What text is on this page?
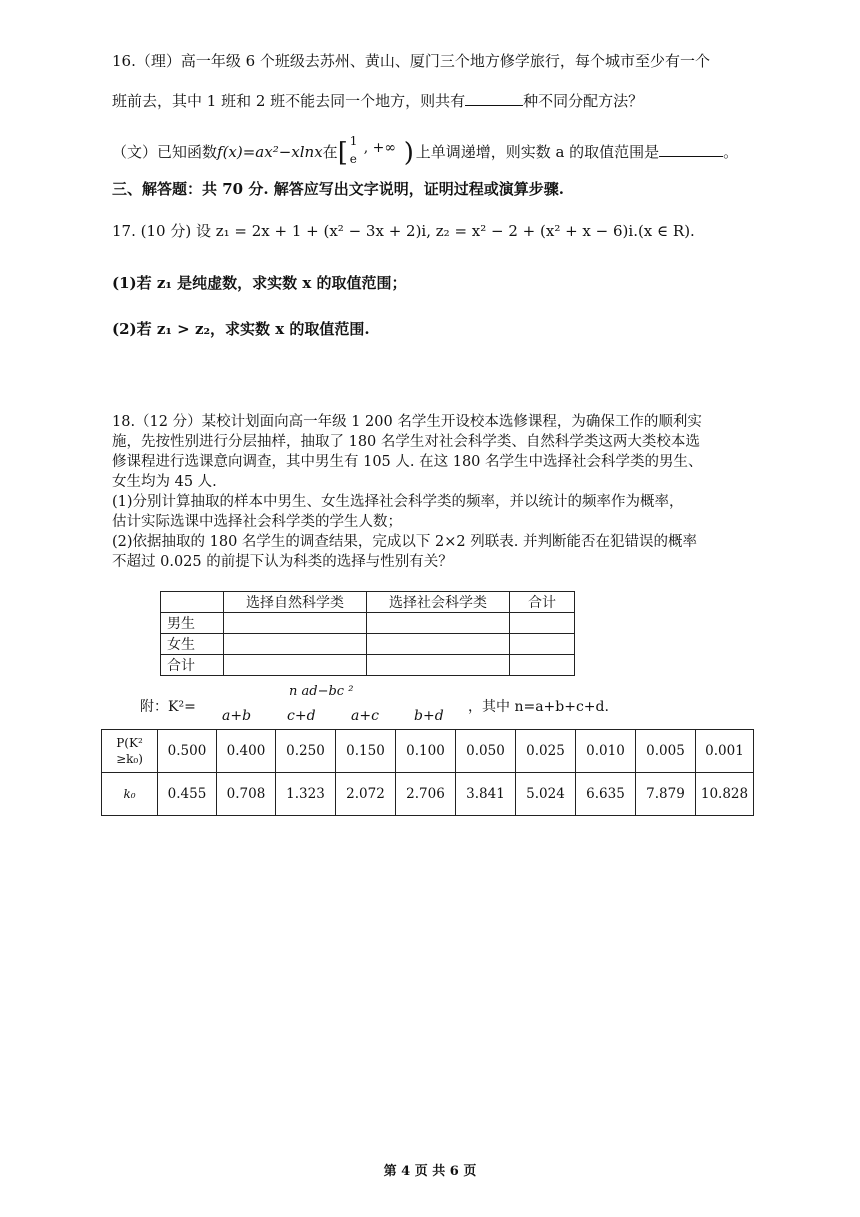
16.（理）高一年级 6 个班级去苏州、黄山、厦门三个地方修学旅行，每个城市至少有一个
班前去，其中 1 班和 2 班不能去同一个地方，则共有	种不同分配方法？
（文）已知函数f(x)=ax²−xlnx在 [ 1
e
, +∞ ) 上单调递增，则实数 a 的取值范围是	。
三、解答题：共 70 分. 解答应写出文字说明，证明过程或演算步骤.
17. (10 分) 设 z₁ = 2x + 1 + (x² − 3x + 2)i, z₂ = x² − 2 + (x² + x − 6)i.(x ∈ R).
(1)若 z₁ 是纯虚数，求实数 x 的取值范围；
(2)若 z₁ > z₂，求实数 x 的取值范围.
18.（12 分）某校计划面向高一年级 1 200 名学生开设校本选修课程，为确保工作的顺利实
施，先按性别进行分层抽样，抽取了 180 名学生对社会科学类、自然科学类这两大类校本选
修课程进行选课意向调查，其中男生有 105 人. 在这 180 名学生中选择社会科学类的男生、
女生均为 45 人.
(1)分别计算抽取的样本中男生、女生选择社会科学类的频率，并以统计的频率作为概率，
估计实际选课中选择社会科学类的学生人数；
(2)依据抽取的 180 名学生的调查结果，完成以下 2×2 列联表. 并判断能否在犯错误的概率
不超过 0.025 的前提下认为科类的选择与性别有关？
	选择自然科学类	选择社会科学类	合计
男生			
女生			
合计			
附：K²=
n ad−bc ²
a+b	c+d	a+c	b+d
，其中 n=a+b+c+d.
P(K²
≥k₀)	0.500	0.400	0.250	0.150	0.100	0.050	0.025	0.010	0.005	0.001
k₀	0.455	0.708	1.323	2.072	2.706	3.841	5.024	6.635	7.879	10.828
第 4 页 共 6 页
